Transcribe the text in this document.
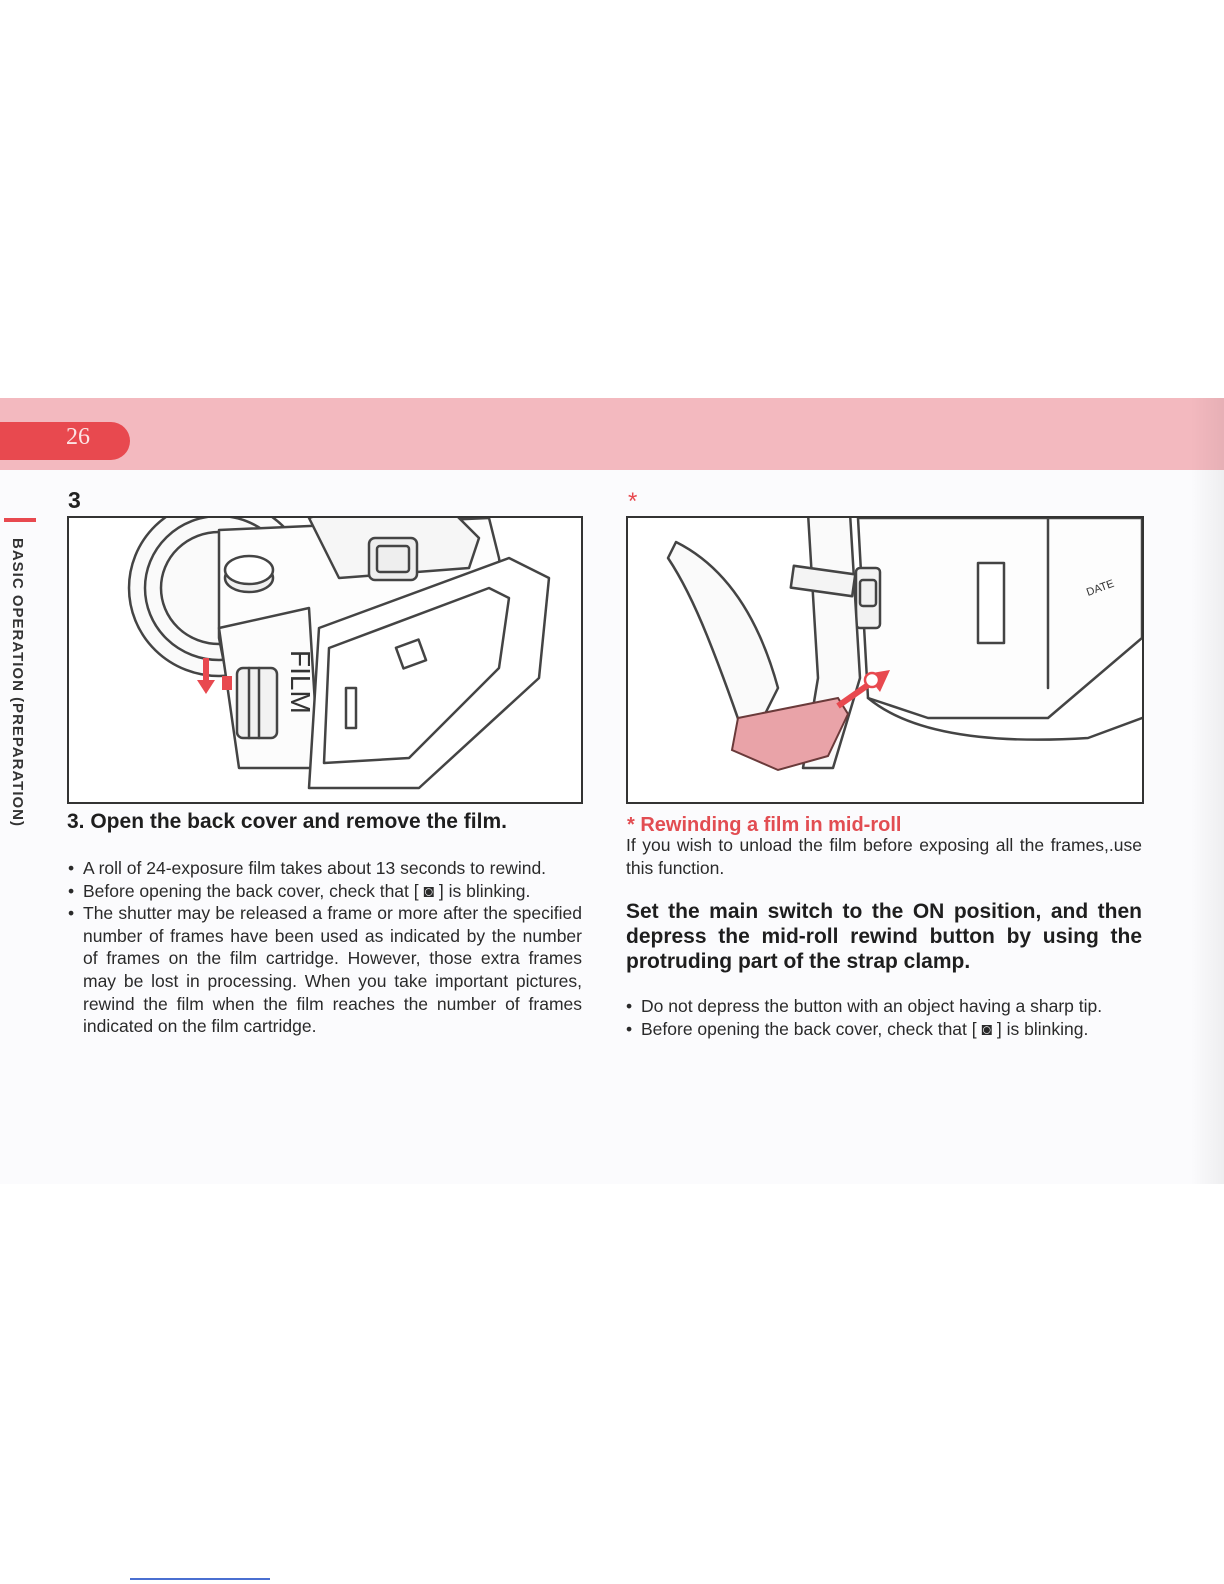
26
BASIC OPERATION (PREPARATION)
3	*
FILM
DATE
3. Open the back cover and remove the film.
• A roll of 24-exposure film takes about 13 seconds to rewind.
• Before opening the back cover, check that [ ◙ ] is blinking.
• The shutter may be released a frame or more after the specified number of frames have been used as indicated by the number of frames on the film cartridge. However, those extra frames may be lost in processing. When you take important pictures, rewind the film when the film reaches the number of frames indicated on the film cartridge.
* Rewinding a film in mid-roll
If you wish to unload the film before exposing all the frames,.use this function.
Set the main switch to the ON position, and then depress the mid-roll rewind button by using the protruding part of the strap clamp.
• Do not depress the button with an object having a sharp tip.
• Before opening the back cover, check that [ ◙ ] is blinking.
